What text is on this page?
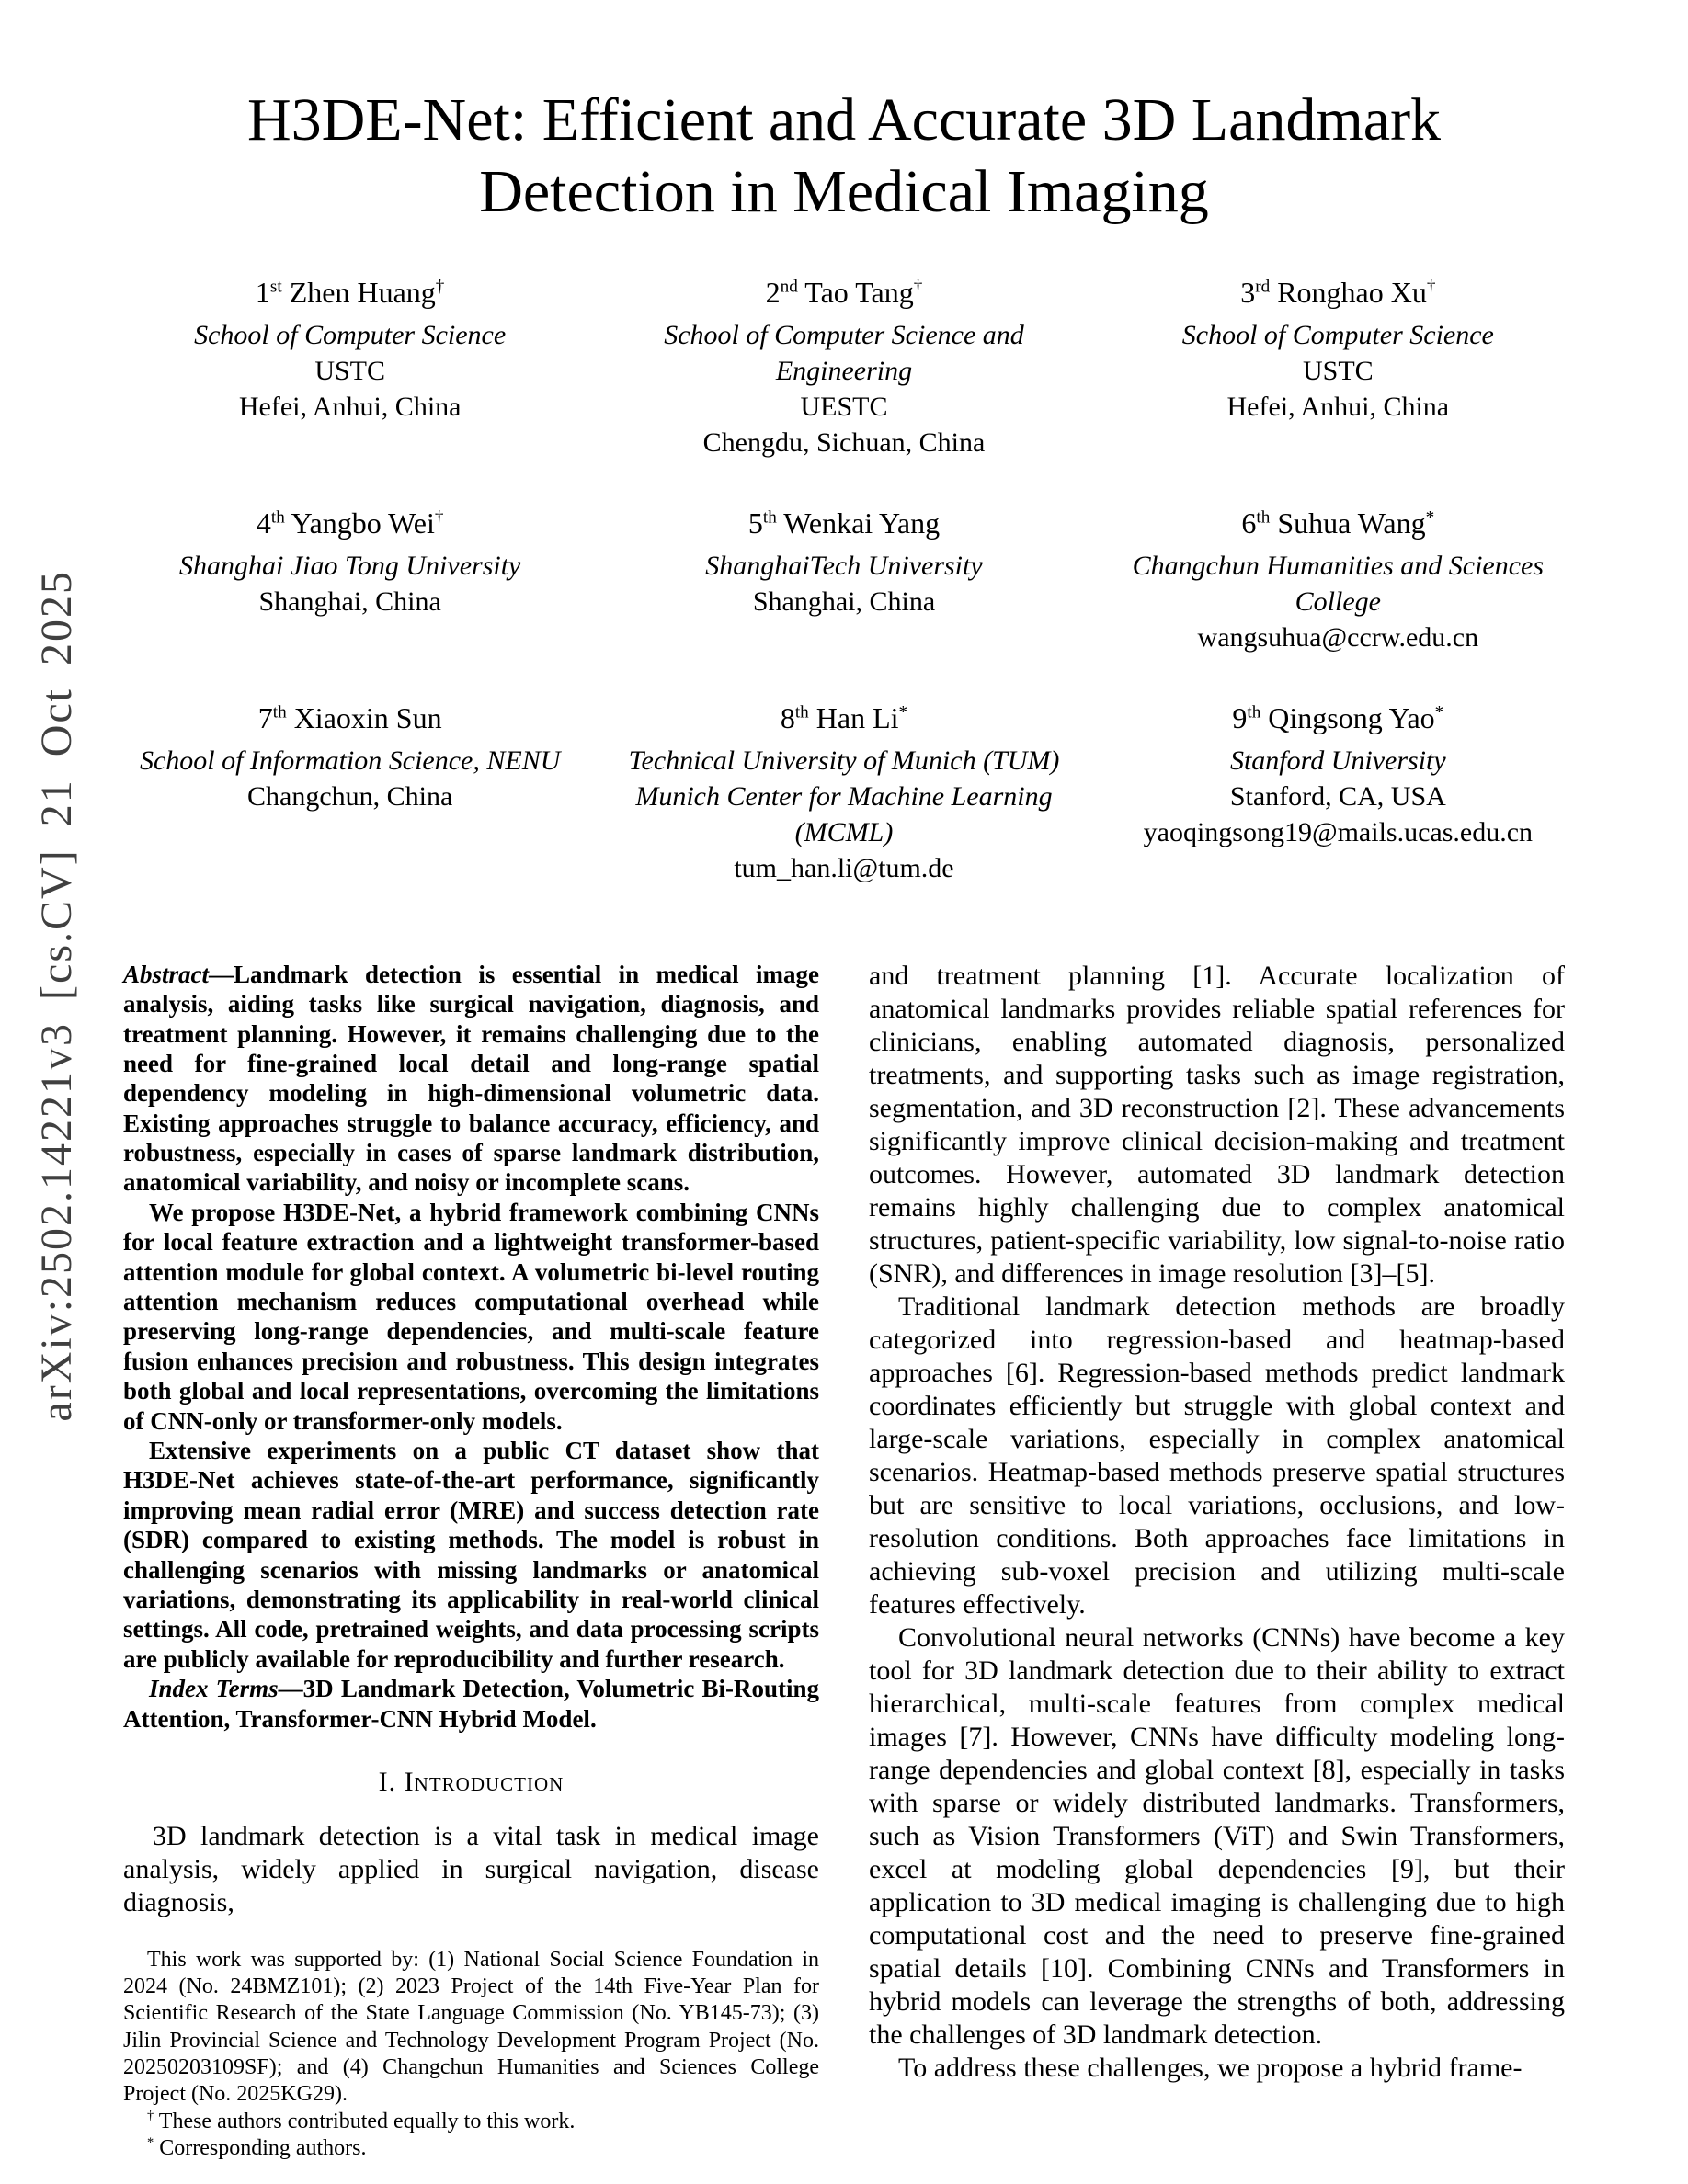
arXiv:2502.14221v3 [cs.CV] 21 Oct 2025
H3DE-Net: Efficient and Accurate 3D Landmark
Detection in Medical Imaging
1st Zhen Huang†
School of Computer Science
USTC
Hefei, Anhui, China
2nd Tao Tang†
School of Computer Science and Engineering
UESTC
Chengdu, Sichuan, China
3rd Ronghao Xu†
School of Computer Science
USTC
Hefei, Anhui, China
4th Yangbo Wei†
Shanghai Jiao Tong University
Shanghai, China
5th Wenkai Yang
ShanghaiTech University
Shanghai, China
6th Suhua Wang*
Changchun Humanities and Sciences College
wangsuhua@ccrw.edu.cn
7th Xiaoxin Sun
School of Information Science, NENU
Changchun, China
8th Han Li*
Technical University of Munich (TUM)
Munich Center for Machine Learning (MCML)
tum_han.li@tum.de
9th Qingsong Yao*
Stanford University
Stanford, CA, USA
yaoqingsong19@mails.ucas.edu.cn

Abstract—Landmark detection is essential in medical image analysis, aiding tasks like surgical navigation, diagnosis, and treatment planning. However, it remains challenging due to the need for fine-grained local detail and long-range spatial dependency modeling in high-dimensional volumetric data. Existing approaches struggle to balance accuracy, efficiency, and robustness, especially in cases of sparse landmark distribution, anatomical variability, and noisy or incomplete scans.

We propose H3DE-Net, a hybrid framework combining CNNs for local feature extraction and a lightweight transformer-based attention module for global context. A volumetric bi-level routing attention mechanism reduces computational overhead while preserving long-range dependencies, and multi-scale feature fusion enhances precision and robustness. This design integrates both global and local representations, overcoming the limitations of CNN-only or transformer-only models.

Extensive experiments on a public CT dataset show that H3DE-Net achieves state-of-the-art performance, significantly improving mean radial error (MRE) and success detection rate (SDR) compared to existing methods. The model is robust in challenging scenarios with missing landmarks or anatomical variations, demonstrating its applicability in real-world clinical settings. All code, pretrained weights, and data processing scripts are publicly available for reproducibility and further research.

Index Terms—3D Landmark Detection, Volumetric Bi-Routing Attention, Transformer-CNN Hybrid Model.

I. Introduction

3D landmark detection is a vital task in medical image analysis, widely applied in surgical navigation, disease diagnosis,

This work was supported by: (1) National Social Science Foundation in 2024 (No. 24BMZ101); (2) 2023 Project of the 14th Five-Year Plan for Scientific Research of the State Language Commission (No. YB145-73); (3) Jilin Provincial Science and Technology Development Program Project (No. 20250203109SF); and (4) Changchun Humanities and Sciences College Project (No. 2025KG29).

† These authors contributed equally to this work.

* Corresponding authors.

and treatment planning [1]. Accurate localization of anatomical landmarks provides reliable spatial references for clinicians, enabling automated diagnosis, personalized treatments, and supporting tasks such as image registration, segmentation, and 3D reconstruction [2]. These advancements significantly improve clinical decision-making and treatment outcomes. However, automated 3D landmark detection remains highly challenging due to complex anatomical structures, patient-specific variability, low signal-to-noise ratio (SNR), and differences in image resolution [3]–[5].

Traditional landmark detection methods are broadly categorized into regression-based and heatmap-based approaches [6]. Regression-based methods predict landmark coordinates efficiently but struggle with global context and large-scale variations, especially in complex anatomical scenarios. Heatmap-based methods preserve spatial structures but are sensitive to local variations, occlusions, and low-resolution conditions. Both approaches face limitations in achieving sub-voxel precision and utilizing multi-scale features effectively.

Convolutional neural networks (CNNs) have become a key tool for 3D landmark detection due to their ability to extract hierarchical, multi-scale features from complex medical images [7]. However, CNNs have difficulty modeling long-range dependencies and global context [8], especially in tasks with sparse or widely distributed landmarks. Transformers, such as Vision Transformers (ViT) and Swin Transformers, excel at modeling global dependencies [9], but their application to 3D medical imaging is challenging due to high computational cost and the need to preserve fine-grained spatial details [10]. Combining CNNs and Transformers in hybrid models can leverage the strengths of both, addressing the challenges of 3D landmark detection.

To address these challenges, we propose a hybrid frame-
